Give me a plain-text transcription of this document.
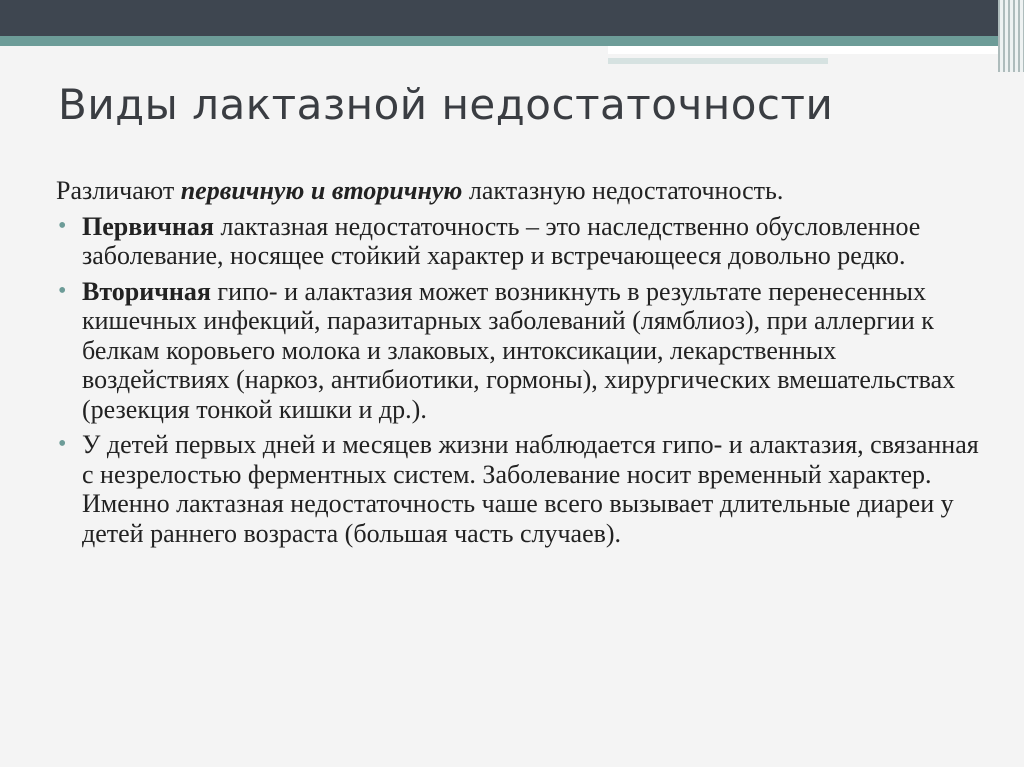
Виды лактазной недостаточности

Различают первичную и вторичную лактазную недостаточность.

• Первичная лактазная недостаточность – это наследственно обусловленное заболевание, носящее стойкий характер и встречающееся довольно редко.

• Вторичная гипо- и алактазия может возникнуть в результате перенесенных кишечных инфекций, паразитарных заболеваний (лямблиоз), при аллергии к белкам коровьего молока и злаковых, интоксикации, лекарственных воздействиях (наркоз, антибиотики, гормоны), хирургических вмешательствах (резекция тонкой кишки и др.).

• У детей первых дней и месяцев жизни наблюдается гипо- и алактазия, связанная с незрелостью ферментных систем. Заболевание носит временный характер. Именно лактазная недостаточность чаше всего вызывает длительные диареи у детей раннего возраста (большая часть случаев).
